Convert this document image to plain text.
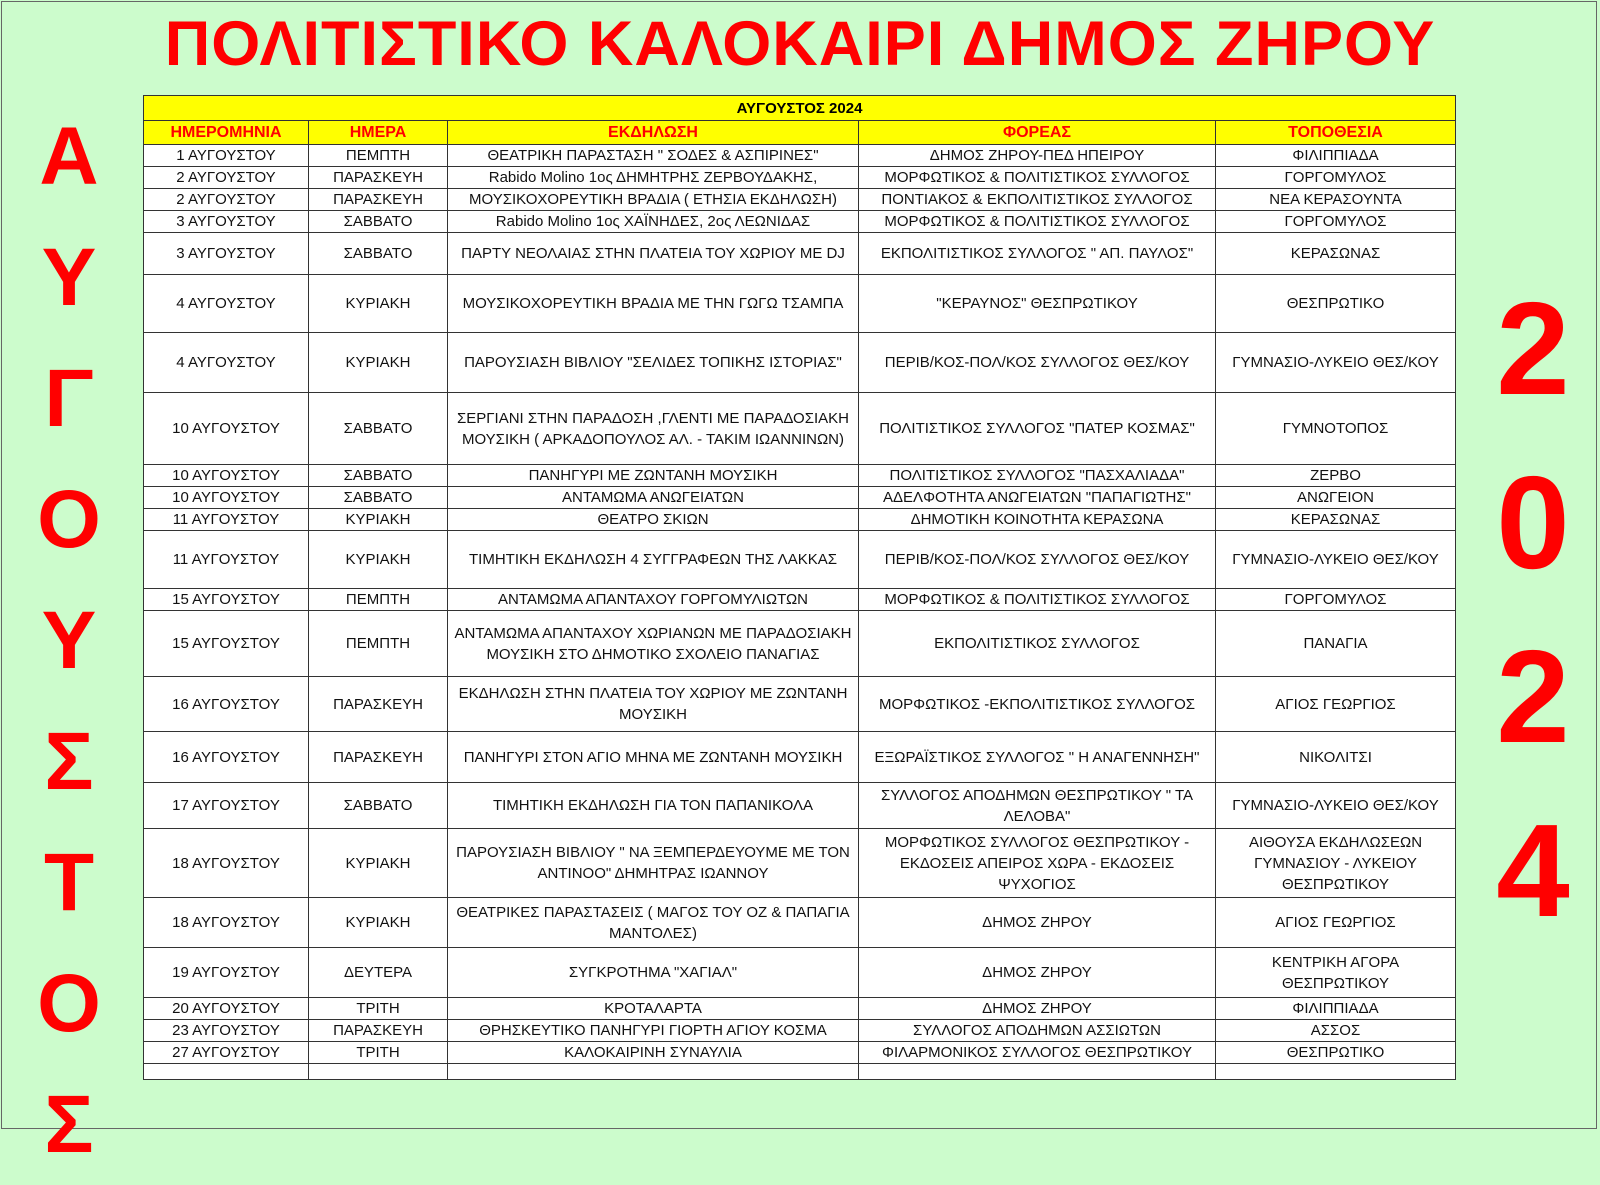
ΠΟΛΙΤΙΣΤΙΚΟ ΚΑΛΟΚΑΙΡΙ ΔΗΜΟΣ ΖΗΡΟΥ
Α
Υ
Γ
Ο
Υ
Σ
Τ
Ο
Σ
2
0
2
4
ΑΥΓΟΥΣΤΟΣ 2024				
ΗΜΕΡΟΜΗΝΙΑ	ΗΜΕΡΑ	ΕΚΔΗΛΩΣΗ	ΦΟΡΕΑΣ	ΤΟΠΟΘΕΣΙΑ
1 ΑΥΓΟΥΣΤΟΥ	ΠΕΜΠΤΗ	ΘΕΑΤΡΙΚΗ ΠΑΡΑΣΤΑΣΗ " ΣΟΔΕΣ & ΑΣΠΙΡΙΝΕΣ"	ΔΗΜΟΣ ΖΗΡΟΥ-ΠΕΔ ΗΠΕΙΡΟΥ	ΦΙΛΙΠΠΙΑΔΑ
2 ΑΥΓΟΥΣΤΟΥ	ΠΑΡΑΣΚΕΥΗ	Rabido Molino 1ος ΔΗΜΗΤΡΗΣ ΖΕΡΒΟΥΔΑΚΗΣ,	ΜΟΡΦΩΤΙΚΟΣ & ΠΟΛΙΤΙΣΤΙΚΟΣ ΣΥΛΛΟΓΟΣ	ΓΟΡΓΟΜΥΛΟΣ
2 ΑΥΓΟΥΣΤΟΥ	ΠΑΡΑΣΚΕΥΗ	ΜΟΥΣΙΚΟΧΟΡΕΥΤΙΚΗ ΒΡΑΔΙΑ ( ΕΤΗΣΙΑ ΕΚΔΗΛΩΣΗ)	ΠΟΝΤΙΑΚΟΣ & ΕΚΠΟΛΙΤΙΣΤΙΚΟΣ ΣΥΛΛΟΓΟΣ	ΝΕΑ ΚΕΡΑΣΟΥΝΤΑ
3 ΑΥΓΟΥΣΤΟΥ	ΣΑΒΒΑΤΟ	Rabido Molino 1ος ΧΑΪΝΗΔΕΣ, 2ος ΛΕΩΝΙΔΑΣ	ΜΟΡΦΩΤΙΚΟΣ & ΠΟΛΙΤΙΣΤΙΚΟΣ ΣΥΛΛΟΓΟΣ	ΓΟΡΓΟΜΥΛΟΣ
3 ΑΥΓΟΥΣΤΟΥ	ΣΑΒΒΑΤΟ	ΠΑΡΤΥ ΝΕΟΛΑΙΑΣ ΣΤΗΝ ΠΛΑΤΕΙΑ ΤΟΥ ΧΩΡΙΟΥ ΜΕ DJ	ΕΚΠΟΛΙΤΙΣΤΙΚΟΣ ΣΥΛΛΟΓΟΣ " ΑΠ. ΠΑΥΛΟΣ"	ΚΕΡΑΣΩΝΑΣ
4 ΑΥΓΟΥΣΤΟΥ	ΚΥΡΙΑΚΗ	ΜΟΥΣΙΚΟΧΟΡΕΥΤΙΚΗ ΒΡΑΔΙΑ ΜΕ ΤΗΝ ΓΩΓΩ ΤΣΑΜΠΑ	"ΚΕΡΑΥΝΟΣ" ΘΕΣΠΡΩΤΙΚΟΥ	ΘΕΣΠΡΩΤΙΚΟ
4 ΑΥΓΟΥΣΤΟΥ	ΚΥΡΙΑΚΗ	ΠΑΡΟΥΣΙΑΣΗ ΒΙΒΛΙΟΥ "ΣΕΛΙΔΕΣ ΤΟΠΙΚΗΣ ΙΣΤΟΡΙΑΣ"	ΠΕΡΙΒ/ΚΟΣ-ΠΟΛ/ΚΟΣ ΣΥΛΛΟΓΟΣ ΘΕΣ/ΚΟΥ	ΓΥΜΝΑΣΙΟ-ΛΥΚΕΙΟ ΘΕΣ/ΚΟΥ
10 ΑΥΓΟΥΣΤΟΥ	ΣΑΒΒΑΤΟ	ΣΕΡΓΙΑΝΙ ΣΤΗΝ ΠΑΡΑΔΟΣΗ ,ΓΛΕΝΤΙ ΜΕ ΠΑΡΑΔΟΣΙΑΚΗ ΜΟΥΣΙΚΗ ( ΑΡΚΑΔΟΠΟΥΛΟΣ ΑΛ. - ΤΑΚΙΜ ΙΩΑΝΝΙΝΩΝ)	ΠΟΛΙΤΙΣΤΙΚΟΣ ΣΥΛΛΟΓΟΣ "ΠΑΤΕΡ ΚΟΣΜΑΣ"	ΓΥΜΝΟΤΟΠΟΣ
10 ΑΥΓΟΥΣΤΟΥ	ΣΑΒΒΑΤΟ	ΠΑΝΗΓΥΡΙ ΜΕ ΖΩΝΤΑΝΗ ΜΟΥΣΙΚΗ	ΠΟΛΙΤΙΣΤΙΚΟΣ ΣΥΛΛΟΓΟΣ "ΠΑΣΧΑΛΙΑΔΑ"	ΖΕΡΒΟ
10 ΑΥΓΟΥΣΤΟΥ	ΣΑΒΒΑΤΟ	ΑΝΤΑΜΩΜΑ ΑΝΩΓΕΙΑΤΩΝ	ΑΔΕΛΦΟΤΗΤΑ ΑΝΩΓΕΙΑΤΩΝ "ΠΑΠΑΓΙΩΤΗΣ"	ΑΝΩΓΕΙΟΝ
11 ΑΥΓΟΥΣΤΟΥ	ΚΥΡΙΑΚΗ	ΘΕΑΤΡΟ ΣΚΙΩΝ	ΔΗΜΟΤΙΚΗ ΚΟΙΝΟΤΗΤΑ ΚΕΡΑΣΩΝΑ	ΚΕΡΑΣΩΝΑΣ
11 ΑΥΓΟΥΣΤΟΥ	ΚΥΡΙΑΚΗ	ΤΙΜΗΤΙΚΗ ΕΚΔΗΛΩΣΗ 4 ΣΥΓΓΡΑΦΕΩΝ ΤΗΣ ΛΑΚΚΑΣ	ΠΕΡΙΒ/ΚΟΣ-ΠΟΛ/ΚΟΣ ΣΥΛΛΟΓΟΣ ΘΕΣ/ΚΟΥ	ΓΥΜΝΑΣΙΟ-ΛΥΚΕΙΟ ΘΕΣ/ΚΟΥ
15 ΑΥΓΟΥΣΤΟΥ	ΠΕΜΠΤΗ	ΑΝΤΑΜΩΜΑ ΑΠΑΝΤΑΧΟΥ ΓΟΡΓΟΜΥΛΙΩΤΩΝ	ΜΟΡΦΩΤΙΚΟΣ & ΠΟΛΙΤΙΣΤΙΚΟΣ ΣΥΛΛΟΓΟΣ	ΓΟΡΓΟΜΥΛΟΣ
15 ΑΥΓΟΥΣΤΟΥ	ΠΕΜΠΤΗ	ΑΝΤΑΜΩΜΑ ΑΠΑΝΤΑΧΟΥ ΧΩΡΙΑΝΩΝ ΜΕ ΠΑΡΑΔΟΣΙΑΚΗ ΜΟΥΣΙΚΗ ΣΤΟ ΔΗΜΟΤΙΚΟ ΣΧΟΛΕΙΟ ΠΑΝΑΓΙΑΣ	ΕΚΠΟΛΙΤΙΣΤΙΚΟΣ ΣΥΛΛΟΓΟΣ	ΠΑΝΑΓΙΑ
16 ΑΥΓΟΥΣΤΟΥ	ΠΑΡΑΣΚΕΥΗ	ΕΚΔΗΛΩΣΗ ΣΤΗΝ ΠΛΑΤΕΙΑ ΤΟΥ ΧΩΡΙΟΥ ΜΕ ΖΩΝΤΑΝΗ ΜΟΥΣΙΚΗ	ΜΟΡΦΩΤΙΚΟΣ -ΕΚΠΟΛΙΤΙΣΤΙΚΟΣ ΣΥΛΛΟΓΟΣ	ΑΓΙΟΣ ΓΕΩΡΓΙΟΣ
16 ΑΥΓΟΥΣΤΟΥ	ΠΑΡΑΣΚΕΥΗ	ΠΑΝΗΓΥΡΙ ΣΤΟΝ ΑΓΙΟ ΜΗΝΑ ΜΕ ΖΩΝΤΑΝΗ ΜΟΥΣΙΚΗ	ΕΞΩΡΑΪΣΤΙΚΟΣ ΣΥΛΛΟΓΟΣ " Η ΑΝΑΓΕΝΝΗΣΗ"	ΝΙΚΟΛΙΤΣΙ
17 ΑΥΓΟΥΣΤΟΥ	ΣΑΒΒΑΤΟ	ΤΙΜΗΤΙΚΗ ΕΚΔΗΛΩΣΗ ΓΙΑ ΤΟΝ ΠΑΠΑΝΙΚΟΛΑ	ΣΥΛΛΟΓΟΣ ΑΠΟΔΗΜΩΝ ΘΕΣΠΡΩΤΙΚΟΥ " ΤΑ ΛΕΛΟΒΑ"	ΓΥΜΝΑΣΙΟ-ΛΥΚΕΙΟ ΘΕΣ/ΚΟΥ
18 ΑΥΓΟΥΣΤΟΥ	ΚΥΡΙΑΚΗ	ΠΑΡΟΥΣΙΑΣΗ ΒΙΒΛΙΟΥ " ΝΑ ΞΕΜΠΕΡΔΕΥΟΥΜΕ ΜΕ ΤΟΝ ΑΝΤΙΝΟΟ" ΔΗΜΗΤΡΑΣ ΙΩΑΝΝΟΥ	ΜΟΡΦΩΤΙΚΟΣ ΣΥΛΛΟΓΟΣ ΘΕΣΠΡΩΤΙΚΟΥ - ΕΚΔΟΣΕΙΣ ΑΠΕΙΡΟΣ ΧΩΡΑ - ΕΚΔΟΣΕΙΣ ΨΥΧΟΓΙΟΣ	ΑΙΘΟΥΣΑ ΕΚΔΗΛΩΣΕΩΝ ΓΥΜΝΑΣΙΟΥ - ΛΥΚΕΙΟΥ ΘΕΣΠΡΩΤΙΚΟΥ
18 ΑΥΓΟΥΣΤΟΥ	ΚΥΡΙΑΚΗ	ΘΕΑΤΡΙΚΕΣ ΠΑΡΑΣΤΑΣΕΙΣ ( ΜΑΓΟΣ ΤΟΥ ΟΖ & ΠΑΠΑΓΙΑ ΜΑΝΤΟΛΕΣ)	ΔΗΜΟΣ ΖΗΡΟΥ	ΑΓΙΟΣ ΓΕΩΡΓΙΟΣ
19 ΑΥΓΟΥΣΤΟΥ	ΔΕΥΤΕΡΑ	ΣΥΓΚΡΟΤΗΜΑ "ΧΑΓΙΑΛ"	ΔΗΜΟΣ ΖΗΡΟΥ	ΚΕΝΤΡΙΚΗ ΑΓΟΡΑ ΘΕΣΠΡΩΤΙΚΟΥ
20 ΑΥΓΟΥΣΤΟΥ	ΤΡΙΤΗ	ΚΡΟΤΑΛΑΡΤΑ	ΔΗΜΟΣ ΖΗΡΟΥ	ΦΙΛΙΠΠΙΑΔΑ
23 ΑΥΓΟΥΣΤΟΥ	ΠΑΡΑΣΚΕΥΗ	ΘΡΗΣΚΕΥΤΙΚΟ ΠΑΝΗΓΥΡΙ ΓΙΟΡΤΗ ΑΓΙΟΥ ΚΟΣΜΑ	ΣΥΛΛΟΓΟΣ ΑΠΟΔΗΜΩΝ ΑΣΣΙΩΤΩΝ	ΑΣΣΟΣ
27 ΑΥΓΟΥΣΤΟΥ	ΤΡΙΤΗ	ΚΑΛΟΚΑΙΡΙΝΗ ΣΥΝΑΥΛΙΑ	ΦΙΛΑΡΜΟΝΙΚΟΣ ΣΥΛΛΟΓΟΣ ΘΕΣΠΡΩΤΙΚΟΥ	ΘΕΣΠΡΩΤΙΚΟ
